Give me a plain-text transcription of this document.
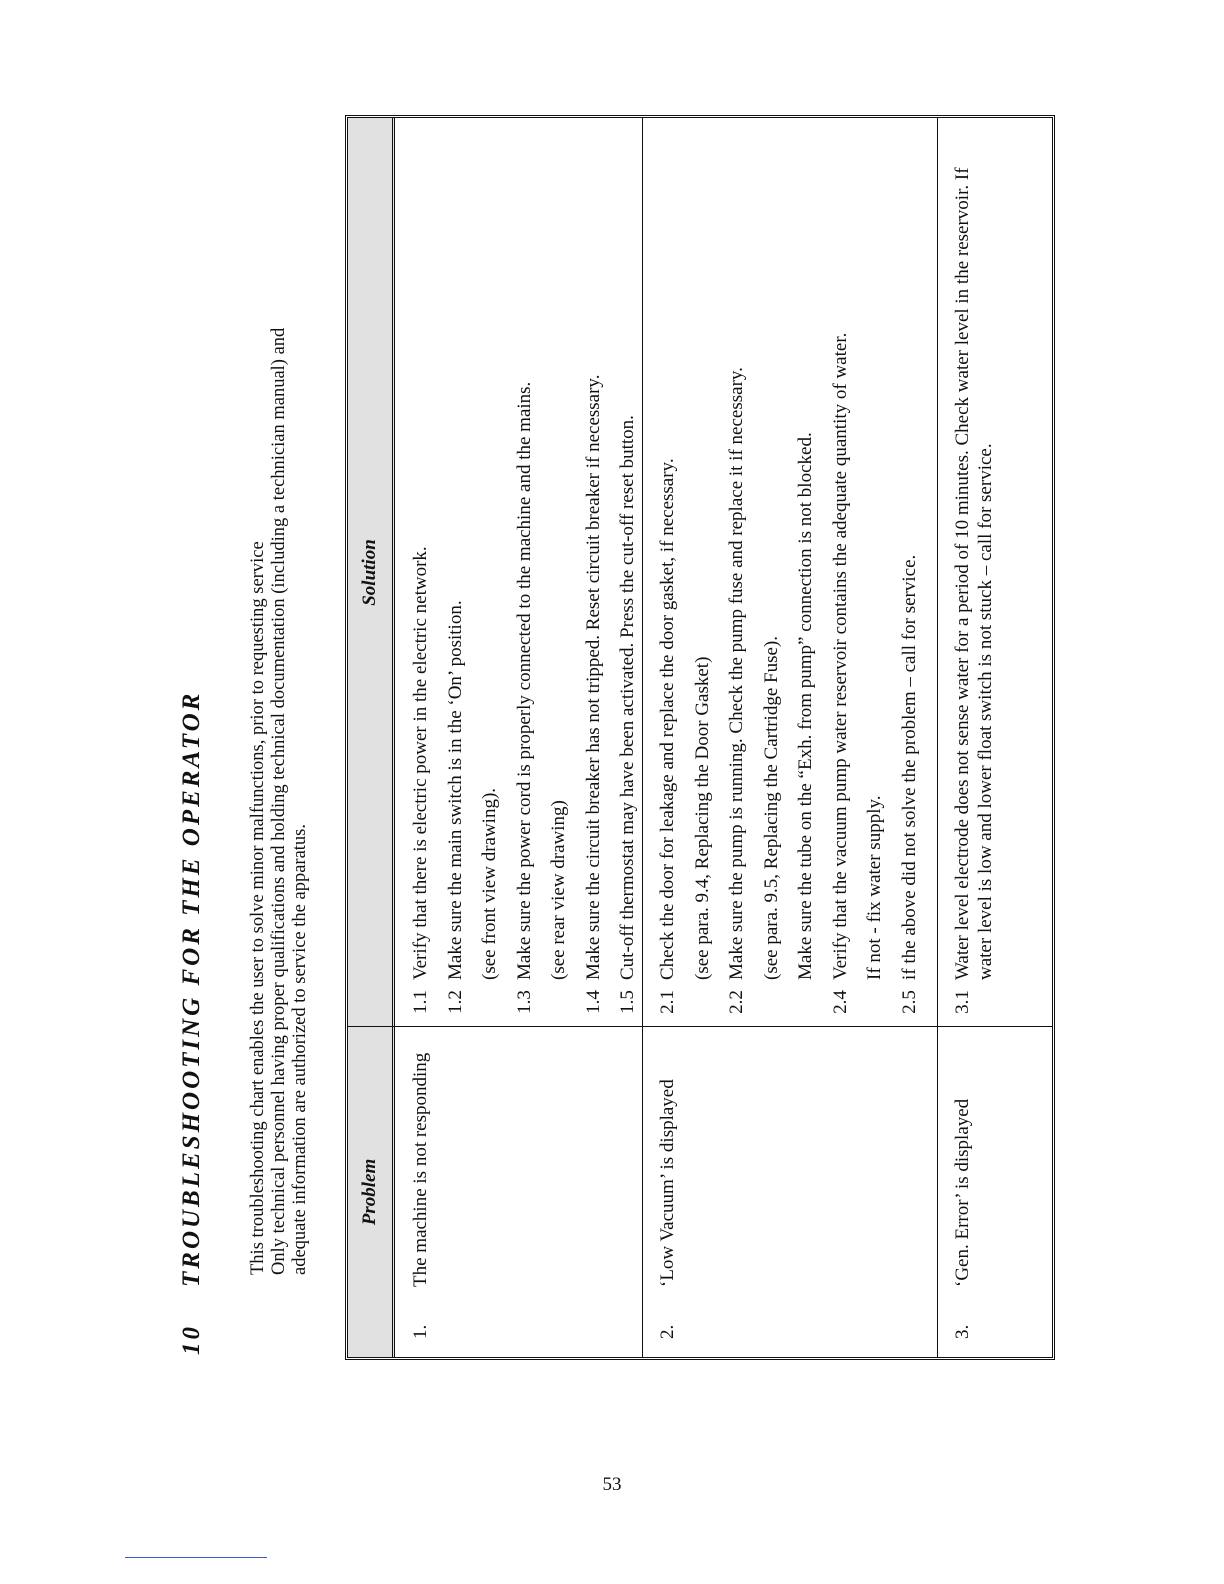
10TROUBLESHOOTING FOR THE OPERATOR	This troubleshooting chart enables the user to solve minor malfunctions, prior to requesting service Only technical personnel having proper qualifications and holding technical documentation (including a technician manual) and adequate information are authorized to service the apparatus.	Problem
Solution
1.The machine is not responding
1.1
Verify that there is electric power in the electric network.
1.2
Make sure the main switch is in the ‘On’ position. (see front view drawing).
1.3
Make sure the power cord is properly connected to the machine and the mains. (see rear view drawing)
1.4
Make sure the circuit breaker has not tripped. Reset circuit breaker if necessary.
1.5
Cut-off thermostat may have been activated. Press the cut-off reset button.
2.‘Low Vacuum’ is displayed
2.1
Check the door for leakage and replace the door gasket, if necessary. (see para. 9.4, Replacing the Door Gasket)
2.2
Make sure the pump is running. Check the pump fuse and replace it if necessary. (see para. 9.5, Replacing the Cartridge Fuse). Make sure the tube on the “Exh. from pump” connection is not blocked.
2.4
Verify that the vacuum pump water reservoir contains the adequate quantity of water. If not - fix water supply.
2.5
if the above did not solve the problem – call for service.
3.‘Gen. Error’ is displayed
3.1
Water level electrode does not sense water for a period of 10 minutes. Check water level in the reservoir. If water level is low and lower float switch is not stuck – call for service.
53
